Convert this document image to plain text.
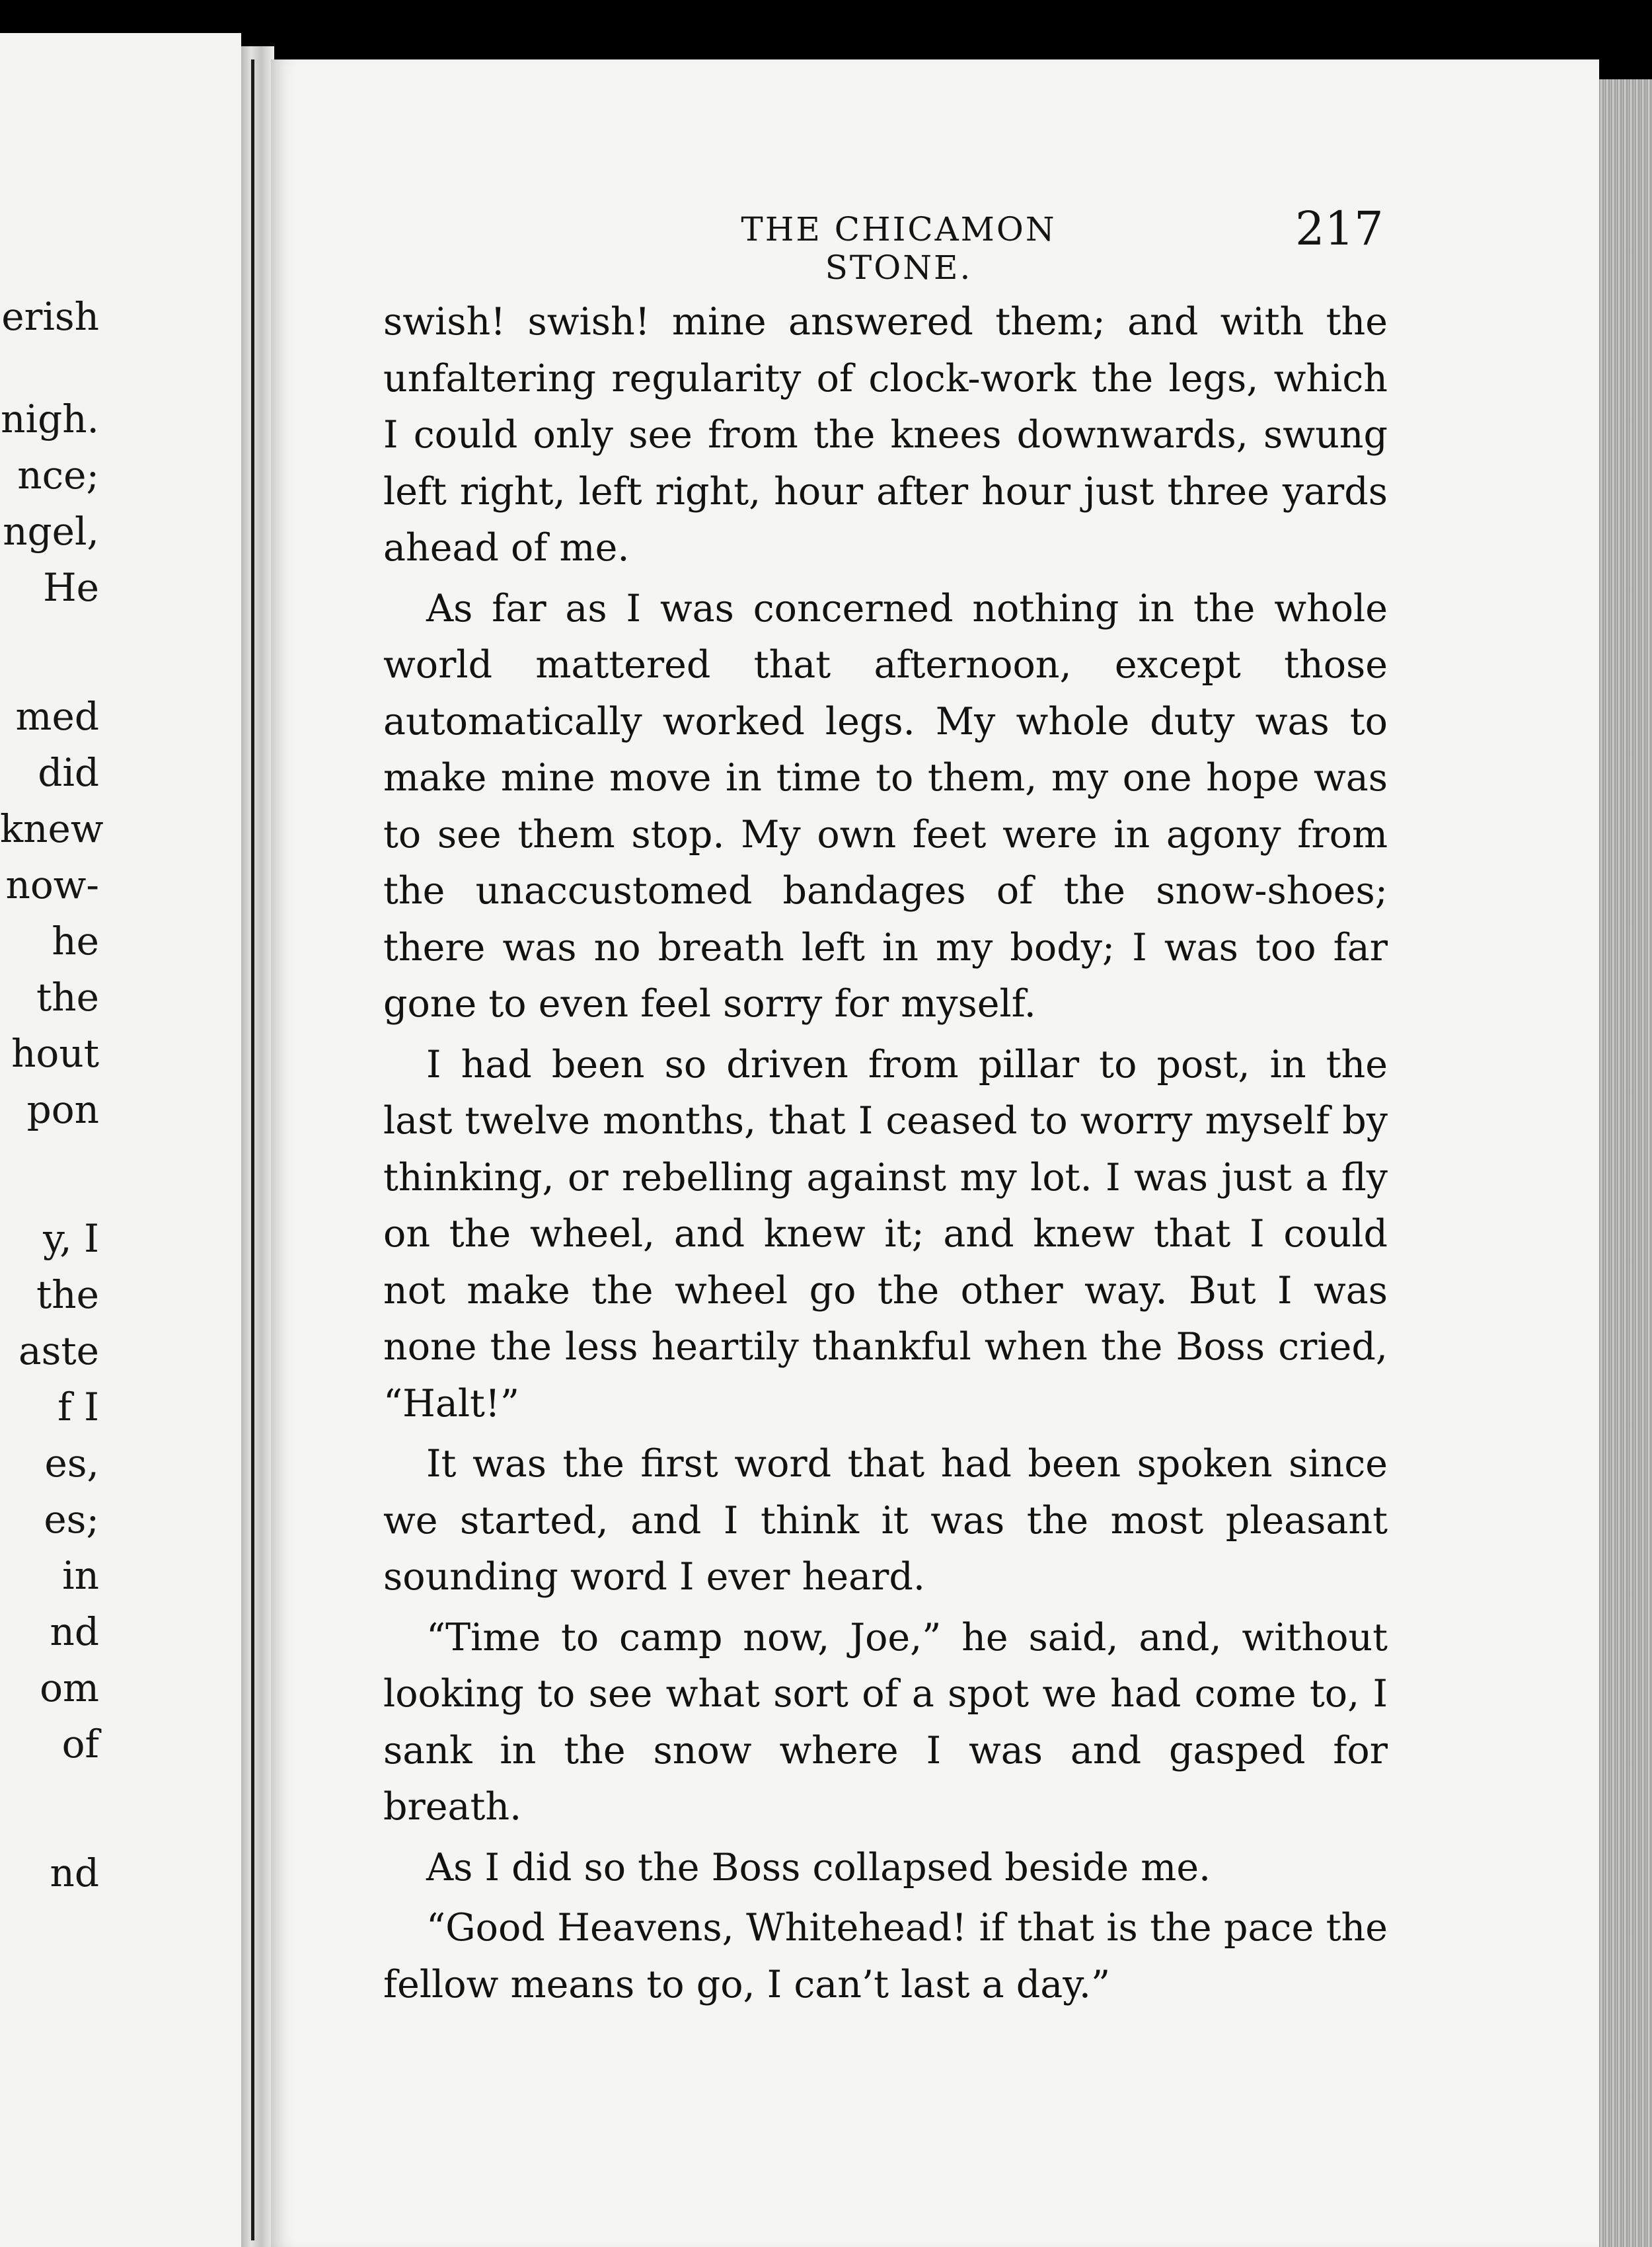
erish
nigh.
nce;
ngel,
He
med
did
knew
now-
he
the
hout
pon
y, I
the
aste
f I
es,
es;
in
nd
om
of
nd
THE CHICAMON STONE.
217

swish! swish! mine answered them; and with the unfaltering regularity of clock-work the legs, which I could only see from the knees downwards, swung left right, left right, hour after hour just three yards ahead of me.

As far as I was concerned nothing in the whole world mattered that afternoon, except those automatically worked legs. My whole duty was to make mine move in time to them, my one hope was to see them stop. My own feet were in agony from the unaccustomed bandages of the snow-shoes; there was no breath left in my body; I was too far gone to even feel sorry for myself.

I had been so driven from pillar to post, in the last twelve months, that I ceased to worry myself by thinking, or rebelling against my lot. I was just a fly on the wheel, and knew it; and knew that I could not make the wheel go the other way. But I was none the less heartily thankful when the Boss cried, “Halt!”

It was the first word that had been spoken since we started, and I think it was the most pleasant sounding word I ever heard.

“Time to camp now, Joe,” he said, and, without looking to see what sort of a spot we had come to, I sank in the snow where I was and gasped for breath.

As I did so the Boss collapsed beside me.

“Good Heavens, Whitehead! if that is the pace the fellow means to go, I can’t last a day.”
